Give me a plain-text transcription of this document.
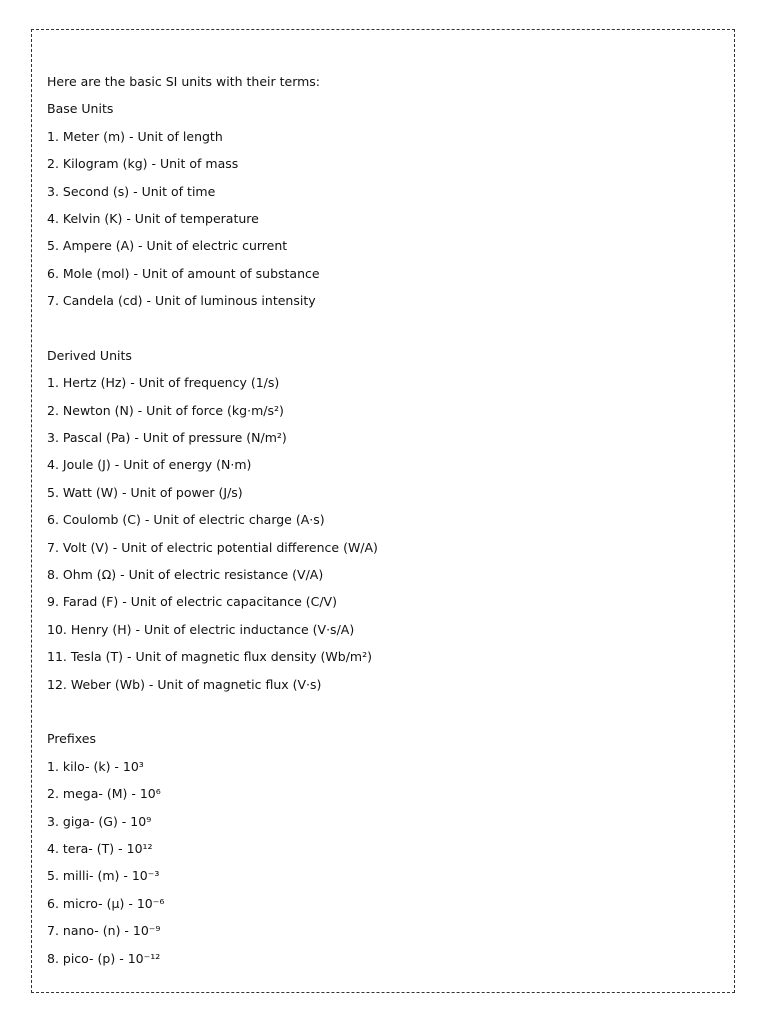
Here are the basic SI units with their terms:
Base Units
1. Meter (m) - Unit of length
2. Kilogram (kg) - Unit of mass
3. Second (s) - Unit of time
4. Kelvin (K) - Unit of temperature
5. Ampere (A) - Unit of electric current
6. Mole (mol) - Unit of amount of substance
7. Candela (cd) - Unit of luminous intensity
Derived Units
1. Hertz (Hz) - Unit of frequency (1/s)
2. Newton (N) - Unit of force (kg·m/s²)
3. Pascal (Pa) - Unit of pressure (N/m²)
4. Joule (J) - Unit of energy (N·m)
5. Watt (W) - Unit of power (J/s)
6. Coulomb (C) - Unit of electric charge (A·s)
7. Volt (V) - Unit of electric potential difference (W/A)
8. Ohm (Ω) - Unit of electric resistance (V/A)
9. Farad (F) - Unit of electric capacitance (C/V)
10. Henry (H) - Unit of electric inductance (V·s/A)
11. Tesla (T) - Unit of magnetic flux density (Wb/m²)
12. Weber (Wb) - Unit of magnetic flux (V·s)
Prefixes
1. kilo- (k) - 10³
2. mega- (M) - 10⁶
3. giga- (G) - 10⁹
4. tera- (T) - 10¹²
5. milli- (m) - 10⁻³
6. micro- (μ) - 10⁻⁶
7. nano- (n) - 10⁻⁹
8. pico- (p) - 10⁻¹²
